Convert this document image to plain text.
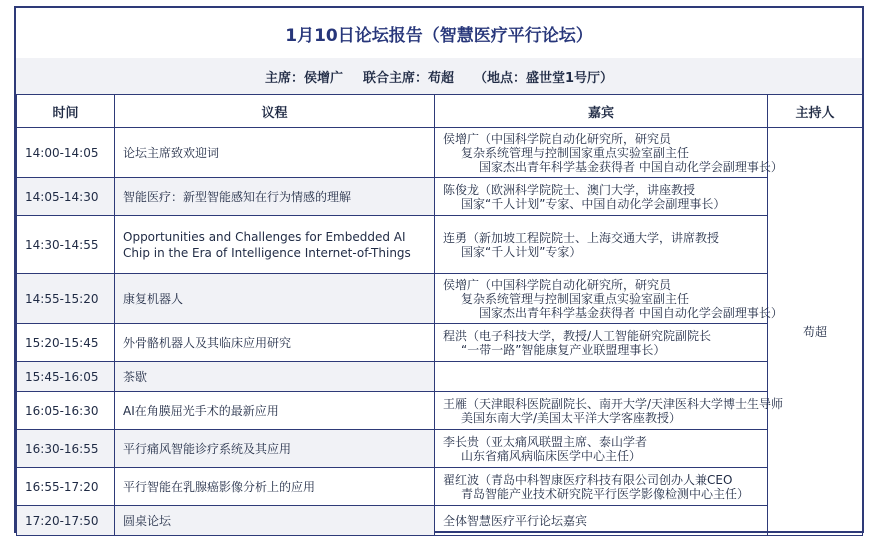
1月10日论坛报告（智慧医疗平行论坛）
主席：侯增广 联合主席：苟超 （地点：盛世堂1号厅）
时间	议程	嘉宾	主持人
14:00-14:05	论坛主席致欢迎词	侯增广（中国科学院自动化研究所，研究员
复杂系统管理与控制国家重点实验室副主任
国家杰出青年科学基金获得者 中国自动化学会副理事长）	苟超
14:05-14:30	智能医疗：新型智能感知在行为情感的理解	陈俊龙（欧洲科学院院士、澳门大学，讲座教授
国家“千人计划”专家、中国自动化学会副理事长）	

14:30-14:55	Opportunities and Challenges for Embedded AI Chip in the Era of Intelligence Internet-of-Things	连勇（新加坡工程院院士、上海交通大学，讲席教授
国家“千人计划”专家）	

14:55-15:20	康复机器人	侯增广（中国科学院自动化研究所，研究员
复杂系统管理与控制国家重点实验室副主任
国家杰出青年科学基金获得者 中国自动化学会副理事长）	

15:20-15:45	外骨骼机器人及其临床应用研究	程洪（电子科技大学，教授/人工智能研究院副院长
“一带一路”智能康复产业联盟理事长）	

15:45-16:05	茶歇		
16:05-16:30	AI在角膜屈光手术的最新应用	王雁（天津眼科医院副院长、南开大学/天津医科大学博士生导师
美国东南大学/美国太平洋大学客座教授）	

16:30-16:55	平行痛风智能诊疗系统及其应用	李长贵（亚太痛风联盟主席、泰山学者
山东省痛风病临床医学中心主任）	

16:55-17:20	平行智能在乳腺癌影像分析上的应用	翟红波（青岛中科智康医疗科技有限公司创办人兼CEO
青岛智能产业技术研究院平行医学影像检测中心主任）	

17:20-17:50	圆桌论坛	全体智慧医疗平行论坛嘉宾	
